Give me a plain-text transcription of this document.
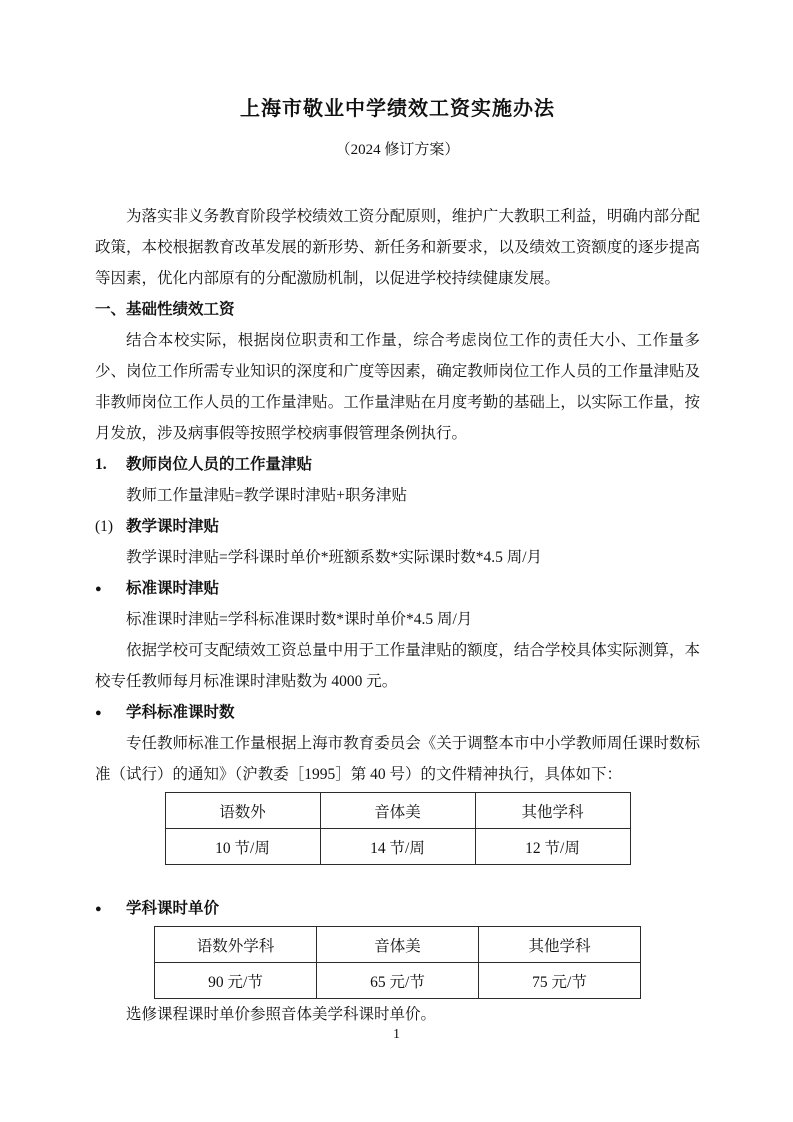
上海市敬业中学绩效工资实施办法
（2024 修订方案）

为落实非义务教育阶段学校绩效工资分配原则，维护广大教职工利益，明确内部分配政策，本校根据教育改革发展的新形势、新任务和新要求，以及绩效工资额度的逐步提高等因素，优化内部原有的分配激励机制，以促进学校持续健康发展。

一、基础性绩效工资

结合本校实际，根据岗位职责和工作量，综合考虑岗位工作的责任大小、工作量多少、岗位工作所需专业知识的深度和广度等因素，确定教师岗位工作人员的工作量津贴及非教师岗位工作人员的工作量津贴。工作量津贴在月度考勤的基础上，以实际工作量，按月发放，涉及病事假等按照学校病事假管理条例执行。

1. 教师岗位人员的工作量津贴

教师工作量津贴=教学课时津贴+职务津贴

(1) 教学课时津贴

教学课时津贴=学科课时单价*班额系数*实际课时数*4.5 周/月

● 标准课时津贴

标准课时津贴=学科标准课时数*课时单价*4.5 周/月

依据学校可支配绩效工资总量中用于工作量津贴的额度，结合学校具体实际测算，本校专任教师每月标准课时津贴数为 4000 元。

● 学科标准课时数

专任教师标准工作量根据上海市教育委员会《关于调整本市中小学教师周任课时数标准（试行）的通知》（沪教委［1995］第 40 号）的文件精神执行，具体如下：

语数外	音体美	其他学科
10 节/周	14 节/周	12 节/周
● 学科课时单价
语数外学科	音体美	其他学科
90 元/节	65 元/节	75 元/节

选修课程课时单价参照音体美学科课时单价。

1
